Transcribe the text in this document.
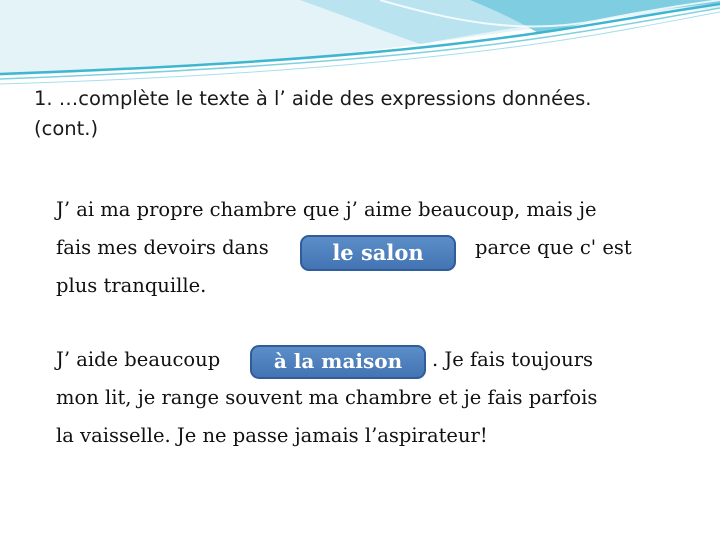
1. …complète le texte à l’ aide des expressions données.
(cont.)
J’ ai ma propre chambre que j’ aime beaucoup, mais je
fais mes devoirs dans	parce que c' est
plus tranquille.
le salon
J’ aide beaucoup	. Je fais toujours
mon lit, je range souvent ma chambre et je fais parfois
la vaisselle. Je ne passe jamais l’aspirateur!
à la maison
